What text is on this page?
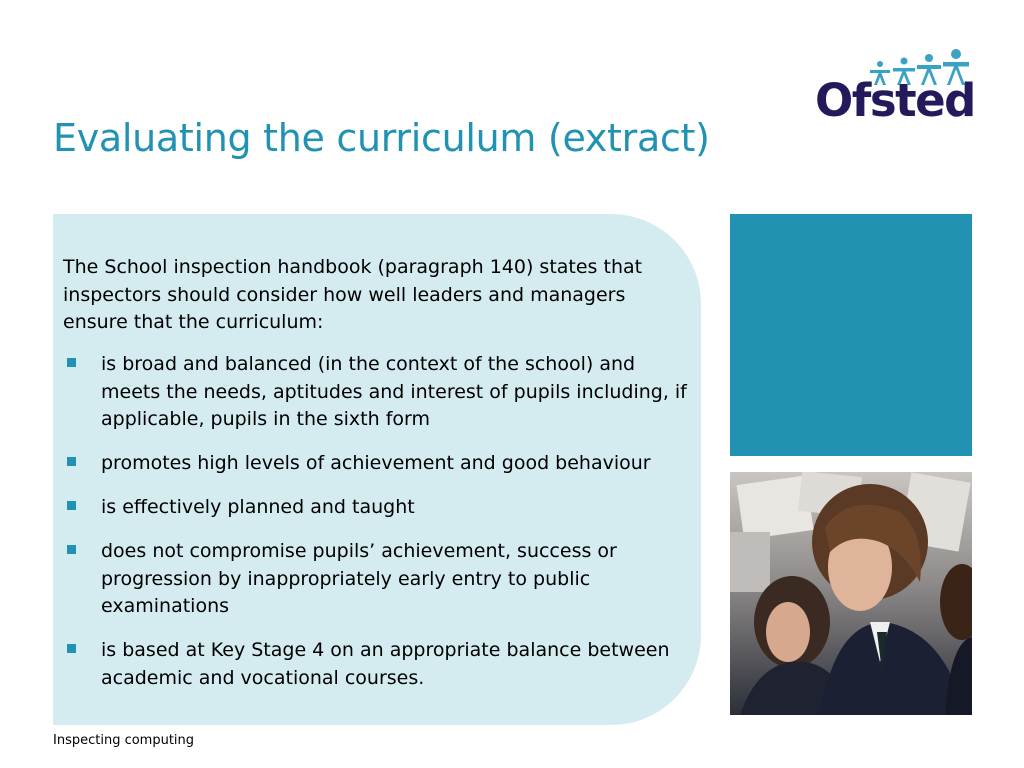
Evaluating the curriculum (extract)
Ofsted
The School inspection handbook (paragraph 140) states that inspectors should consider how well leaders and managers ensure that the curriculum:
is broad and balanced (in the context of the school) and meets the needs, aptitudes and interest of pupils including, if applicable, pupils in the sixth form
promotes high levels of achievement and good behaviour
is effectively planned and taught
does not compromise pupils’ achievement, success or progression by inappropriately early entry to public examinations
is based at Key Stage 4 on an appropriate balance between academic and vocational courses.
Inspecting computing
